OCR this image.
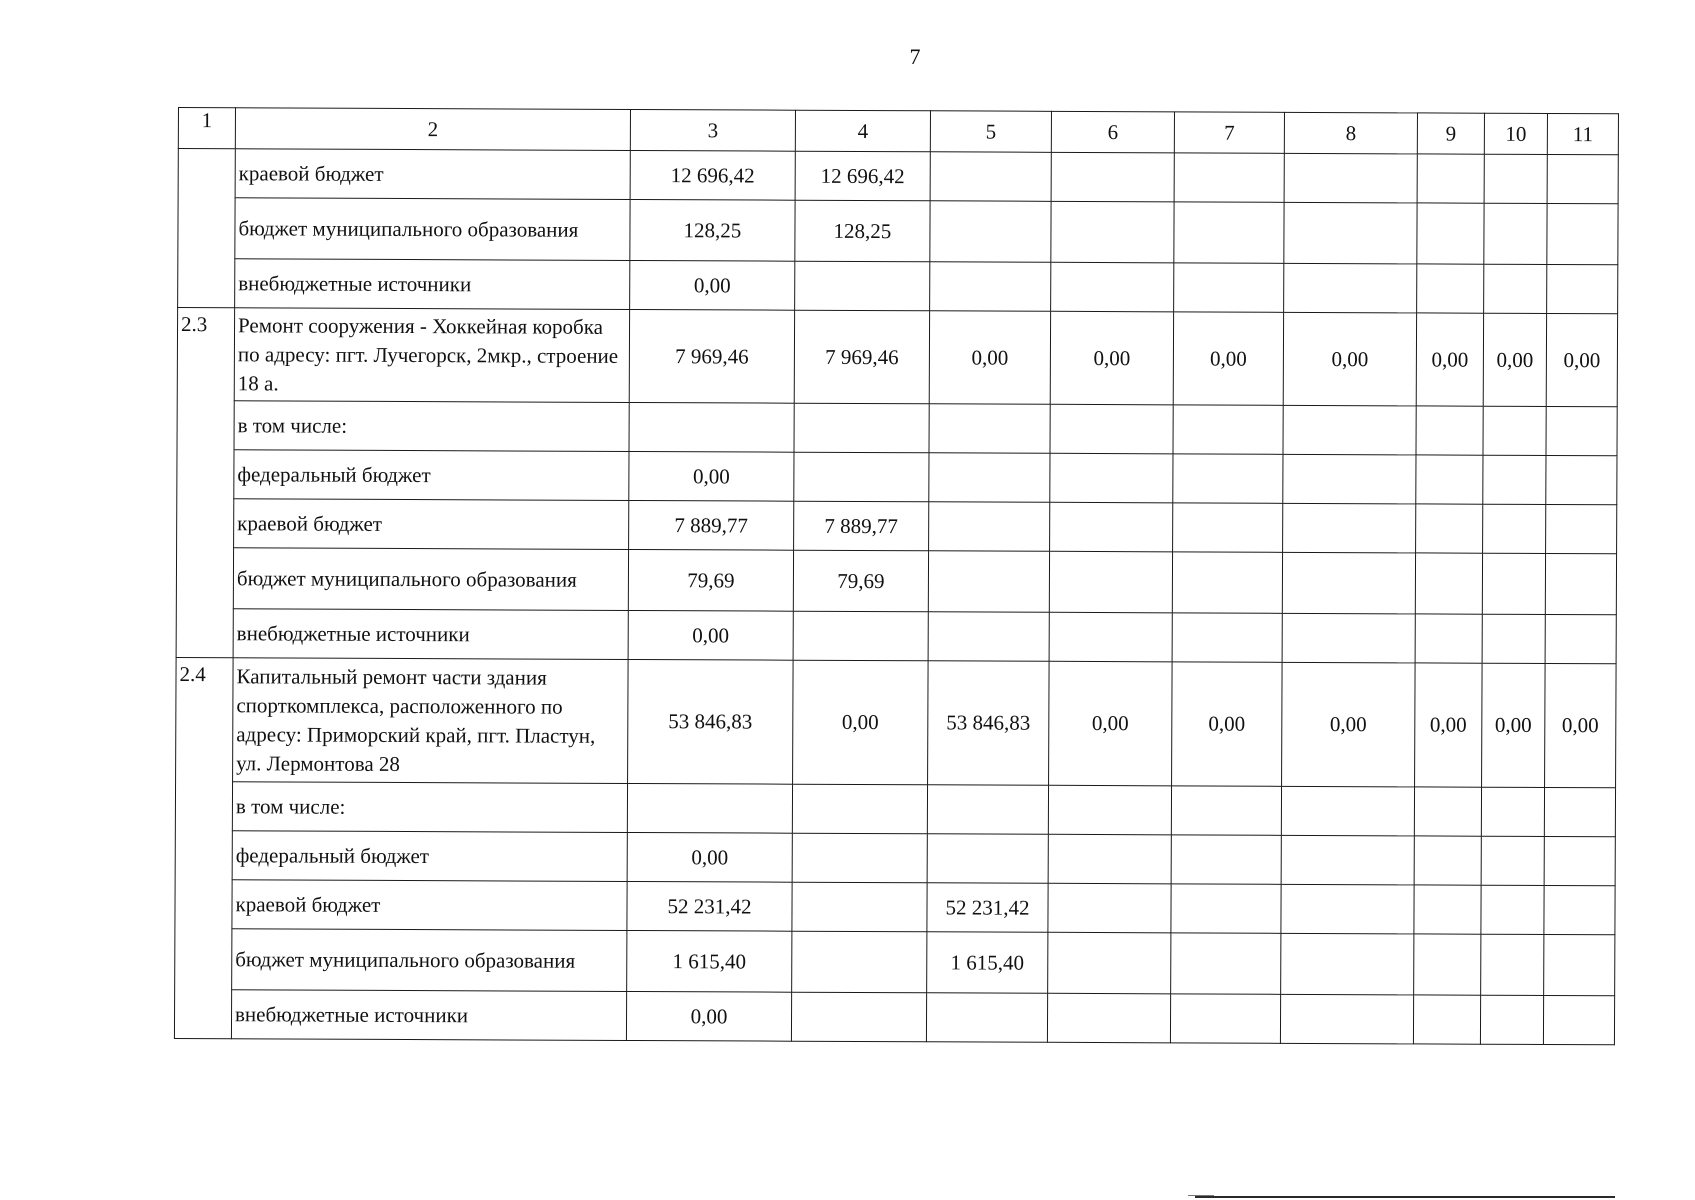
7
1	2	3	4	5	6	7	8	9	10	11
	краевой бюджет	12 696,42	12 696,42							
	бюджет муниципального образования	128,25	128,25							
	внебюджетные источники	0,00								
2.3	Ремонт сооружения - Хоккейная коробка по адресу: пгт. Лучегорск, 2мкр., строение 18 а.	7 969,46	7 969,46	0,00	0,00	0,00	0,00	0,00	0,00	0,00
	в том числе:									
	федеральный бюджет	0,00								
	краевой бюджет	7 889,77	7 889,77							
	бюджет муниципального образования	79,69	79,69							
	внебюджетные источники	0,00								
2.4	Капитальный ремонт части здания спорткомплекса, расположенного по адресу: Приморский край, пгт. Пластун, ул. Лермонтова 28	53 846,83	0,00	53 846,83	0,00	0,00	0,00	0,00	0,00	0,00
	в том числе:									
	федеральный бюджет	0,00								
	краевой бюджет	52 231,42		52 231,42						
	бюджет муниципального образования	1 615,40		1 615,40						
	внебюджетные источники	0,00								
